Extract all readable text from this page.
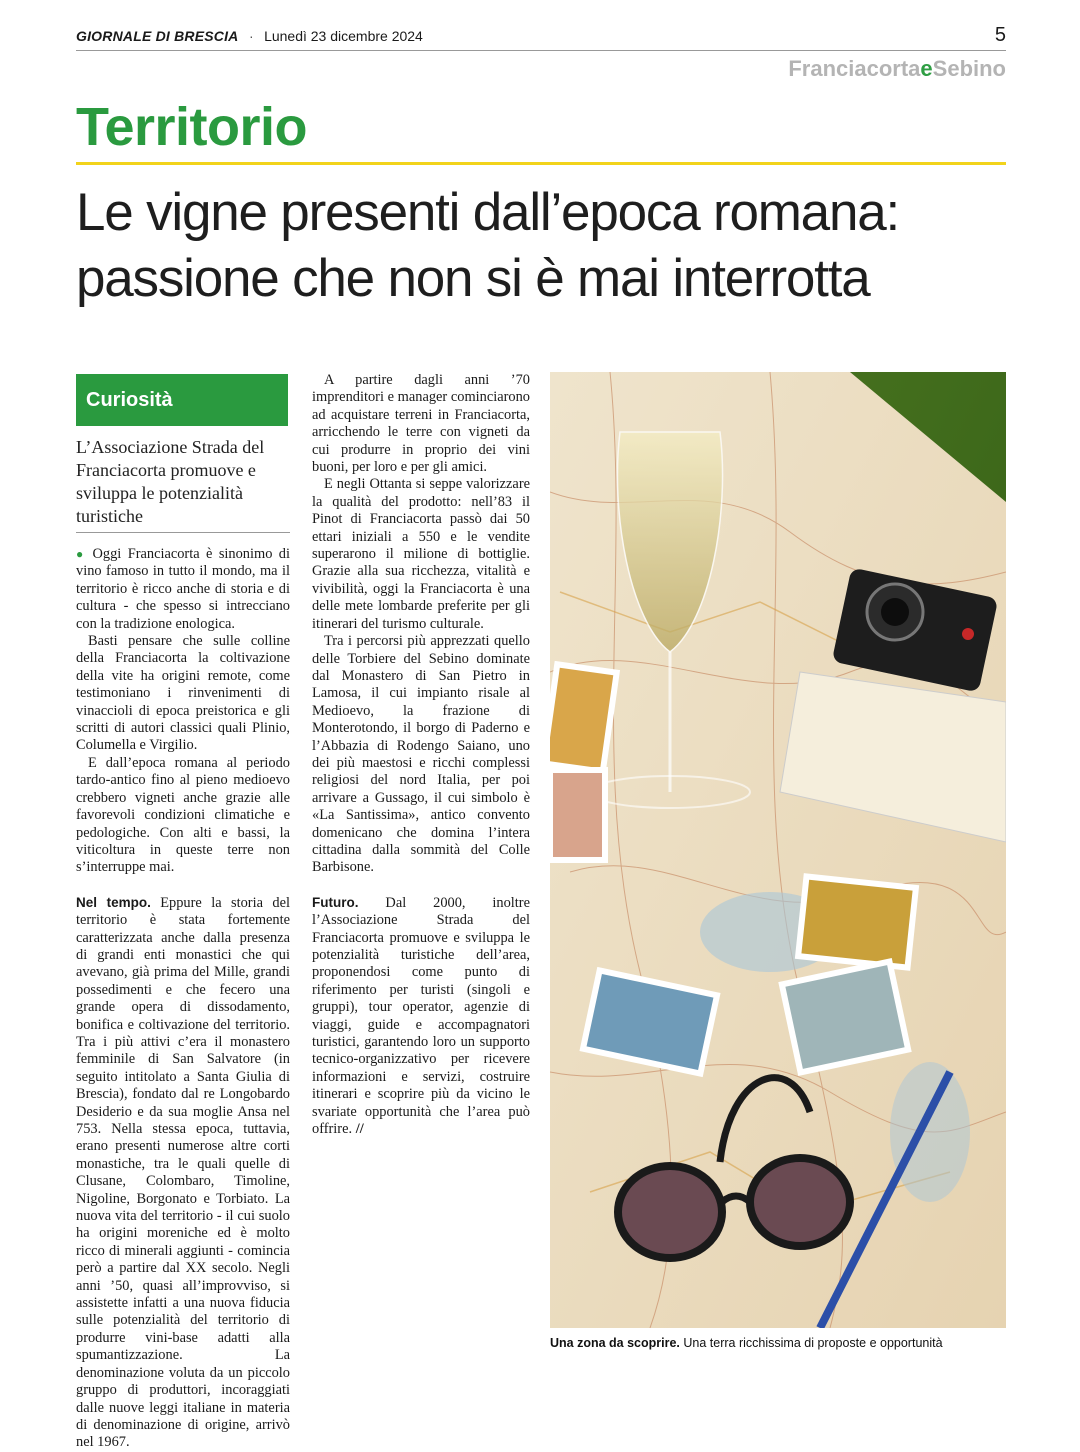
GIORNALE DI BRESCIA · Lunedì 23 dicembre 2024	5
FranciacortaeSebino
Territorio
Le vigne presenti dall’epoca romana:
passione che non si è mai interrotta
Curiosità
L’Associazione Strada del Franciacorta promuove e sviluppa le potenzialità turistiche

● Oggi Franciacorta è sinonimo di vino famoso in tutto il mondo, ma il territorio è ricco anche di storia e di cultura - che spesso si intrecciano con la tradizione enologica.

Basti pensare che sulle colline della Franciacorta la coltivazione della vite ha origini remote, come testimoniano i rinvenimenti di vinaccioli di epoca preistorica e gli scritti di autori classici quali Plinio, Columella e Virgilio.

E dall’epoca romana al periodo tardo-antico fino al pieno medioevo crebbero vigneti anche grazie alle favorevoli condizioni climatiche e pedologiche. Con alti e bassi, la viticoltura in queste terre non s’interruppe mai.

Nel tempo. Eppure la storia del territorio è stata fortemente caratterizzata anche dalla presenza di grandi enti monastici che qui avevano, già prima del Mille, grandi possedimenti e che fecero una grande opera di dissodamento, bonifica e coltivazione del territorio. Tra i più attivi c’era il monastero femminile di San Salvatore (in seguito intitolato a Santa Giulia di Brescia), fondato dal re Longobardo Desiderio e da sua moglie Ansa nel 753. Nella stessa epoca, tuttavia, erano presenti numerose altre corti monastiche, tra le quali quelle di Clusane, Colombaro, Timoline, Nigoline, Borgonato e Torbiato. La nuova vita del territorio - il cui suolo ha origini moreniche ed è molto ricco di minerali aggiunti - comincia però a partire dal XX secolo. Negli anni ’50, quasi all’improvviso, si assistette infatti a una nuova fiducia sulle potenzialità del territorio di produrre vini-base adatti alla spumantizzazione. La denominazione voluta da un piccolo gruppo di produttori, incoraggiati dalle nuove leggi italiane in materia di denominazione di origine, arrivò nel 1967.

A partire dagli anni ’70 imprenditori e manager cominciarono ad acquistare terreni in Franciacorta, arricchendo le terre con vigneti da cui produrre in proprio dei vini buoni, per loro e per gli amici.

E negli Ottanta si seppe valorizzare la qualità del prodotto: nell’83 il Pinot di Franciacorta passò dai 50 ettari iniziali a 550 e le vendite superarono il milione di bottiglie. Grazie alla sua ricchezza, vitalità e vivibilità, oggi la Franciacorta è una delle mete lombarde preferite per gli itinerari del turismo culturale.

Tra i percorsi più apprezzati quello delle Torbiere del Sebino dominate dal Monastero di San Pietro in Lamosa, il cui impianto risale al Medioevo, la frazione di Monterotondo, il borgo di Paderno e l’Abbazia di Rodengo Saiano, uno dei più maestosi e ricchi complessi religiosi del nord Italia, per poi arrivare a Gussago, il cui simbolo è «La Santissima», antico convento domenicano che domina l’intera cittadina dalla sommità del Colle Barbisone.

Futuro. Dal 2000, inoltre l’Associazione Strada del Franciacorta promuove e sviluppa le potenzialità turistiche dell’area, proponendosi come punto di riferimento per turisti (singoli e gruppi), tour operator, agenzie di viaggi, guide e accompagnatori turistici, garantendo loro un supporto tecnico-organizzativo per ricevere informazioni e servizi, costruire itinerari e scoprire più da vicino le svariate opportunità che l’area può offrire. //

Una zona da scoprire. Una terra ricchissima di proposte e opportunità
